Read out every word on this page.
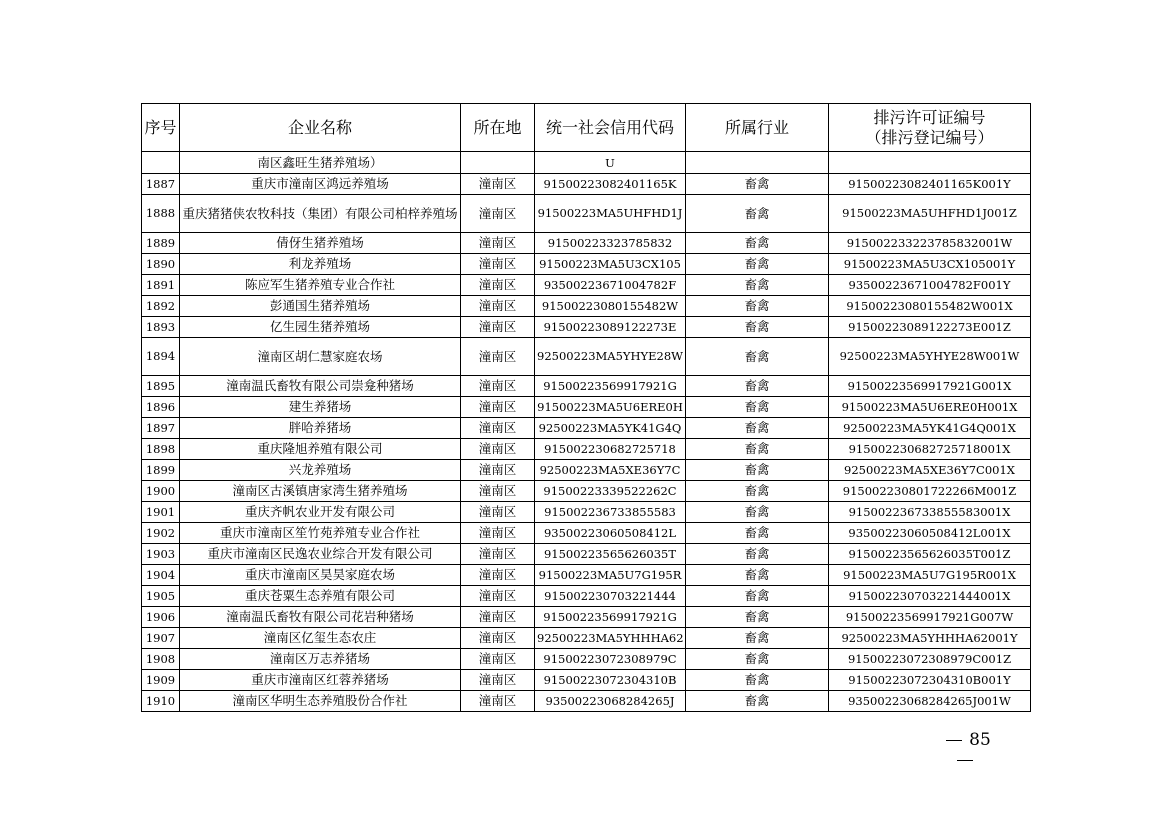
序号	企业名称	所在地	统一社会信用代码	所属行业	排污许可证编号
（排污登记编号）

	南区鑫旺生猪养殖场）		U		
1887	重庆市潼南区鸿远养殖场	潼南区	91500223082401165K	畜禽	91500223082401165K001Y
1888	重庆猪猪侠农牧科技（集团）有限公司柏梓养殖场	潼南区	91500223MA5UHFHD1J	畜禽	91500223MA5UHFHD1J001Z
1889	倩伢生猪养殖场	潼南区	91500223323785832	畜禽	915002233223785832001W
1890	利龙养殖场	潼南区	91500223MA5U3CX105	畜禽	91500223MA5U3CX105001Y
1891	陈应军生猪养殖专业合作社	潼南区	93500223671004782F	畜禽	93500223671004782F001Y
1892	彭通国生猪养殖场	潼南区	91500223080155482W	畜禽	91500223080155482W001X
1893	亿生园生猪养殖场	潼南区	91500223089122273E	畜禽	91500223089122273E001Z
1894	潼南区胡仁慧家庭农场	潼南区	92500223MA5YHYE28W	畜禽	92500223MA5YHYE28W001W
1895	潼南温氏畜牧有限公司崇龛种猪场	潼南区	91500223569917921G	畜禽	91500223569917921G001X
1896	建生养猪场	潼南区	91500223MA5U6ERE0H	畜禽	91500223MA5U6ERE0H001X
1897	胖哈养猪场	潼南区	92500223MA5YK41G4Q	畜禽	92500223MA5YK41G4Q001X
1898	重庆隆旭养殖有限公司	潼南区	915002230682725718	畜禽	915002230682725718001X
1899	兴龙养殖场	潼南区	92500223MA5XE36Y7C	畜禽	92500223MA5XE36Y7C001X
1900	潼南区古溪镇唐家湾生猪养殖场	潼南区	91500223339522262C	畜禽	915002230801722266M001Z
1901	重庆齐帆农业开发有限公司	潼南区	915002236733855583	畜禽	915002236733855583001X
1902	重庆市潼南区笙竹苑养殖专业合作社	潼南区	93500223060508412L	畜禽	93500223060508412L001X
1903	重庆市潼南区民逸农业综合开发有限公司	潼南区	91500223565626035T	畜禽	91500223565626035T001Z
1904	重庆市潼南区昊昊家庭农场	潼南区	91500223MA5U7G195R	畜禽	91500223MA5U7G195R001X
1905	重庆苍粟生态养殖有限公司	潼南区	915002230703221444	畜禽	915002230703221444001X
1906	潼南温氏畜牧有限公司花岩种猪场	潼南区	91500223569917921G	畜禽	91500223569917921G007W
1907	潼南区亿玺生态农庄	潼南区	92500223MA5YHHHA62	畜禽	92500223MA5YHHHA62001Y
1908	潼南区万志养猪场	潼南区	91500223072308979C	畜禽	91500223072308979C001Z
1909	重庆市潼南区红蓉养猪场	潼南区	91500223072304310B	畜禽	91500223072304310B001Y
1910	潼南区华明生态养殖股份合作社	潼南区	93500223068284265J	畜禽	93500223068284265J001W
85
